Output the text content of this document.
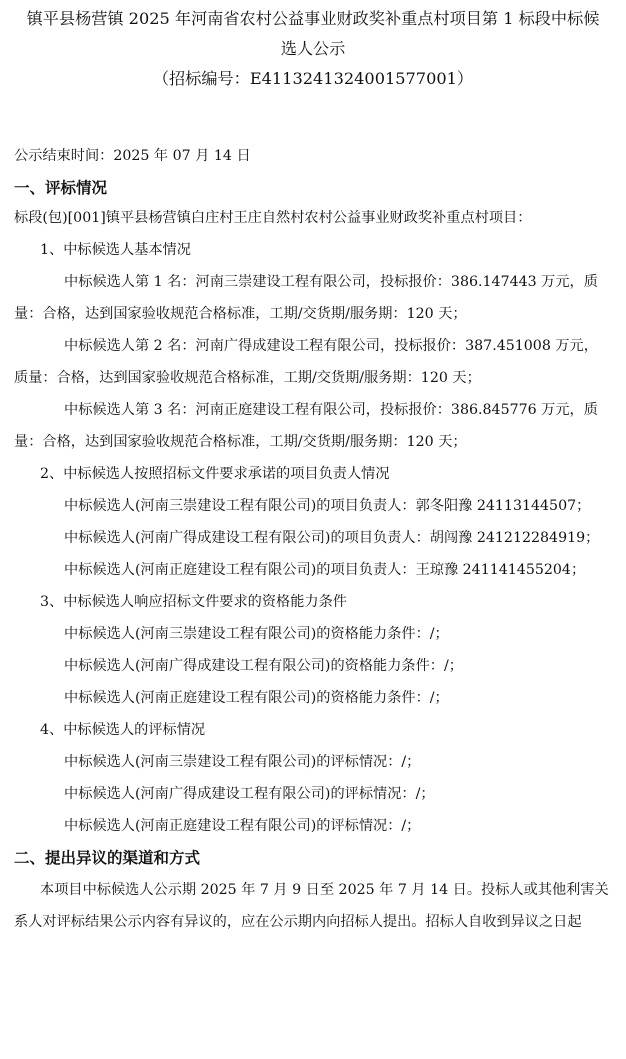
镇平县杨营镇 2025 年河南省农村公益事业财政奖补重点村项目第 1 标段中标候
选人公示
（招标编号：E4113241324001577001）
公示结束时间：2025 年 07 月 14 日
一、评标情况
标段(包)[001]镇平县杨营镇白庄村王庄自然村农村公益事业财政奖补重点村项目：
1、中标候选人基本情况
中标候选人第 1 名：河南三崇建设工程有限公司，投标报价：386.147443 万元，质
量：合格，达到国家验收规范合格标准，工期/交货期/服务期：120 天；
中标候选人第 2 名：河南广得成建设工程有限公司，投标报价：387.451008 万元，
质量：合格，达到国家验收规范合格标准，工期/交货期/服务期：120 天；
中标候选人第 3 名：河南正庭建设工程有限公司，投标报价：386.845776 万元，质
量：合格，达到国家验收规范合格标准，工期/交货期/服务期：120 天；
2、中标候选人按照招标文件要求承诺的项目负责人情况
中标候选人(河南三崇建设工程有限公司)的项目负责人：郭冬阳豫 24113144507；
中标候选人(河南广得成建设工程有限公司)的项目负责人：胡闯豫 241212284919；
中标候选人(河南正庭建设工程有限公司)的项目负责人：王琼豫 241141455204；
3、中标候选人响应招标文件要求的资格能力条件
中标候选人(河南三崇建设工程有限公司)的资格能力条件：/；
中标候选人(河南广得成建设工程有限公司)的资格能力条件：/；
中标候选人(河南正庭建设工程有限公司)的资格能力条件：/；
4、中标候选人的评标情况
中标候选人(河南三崇建设工程有限公司)的评标情况：/；
中标候选人(河南广得成建设工程有限公司)的评标情况：/；
中标候选人(河南正庭建设工程有限公司)的评标情况：/；
二、提出异议的渠道和方式
本项目中标候选人公示期 2025 年 7 月 9 日至 2025 年 7 月 14 日。投标人或其他利害关
系人对评标结果公示内容有异议的，应在公示期内向招标人提出。招标人自收到异议之日起
